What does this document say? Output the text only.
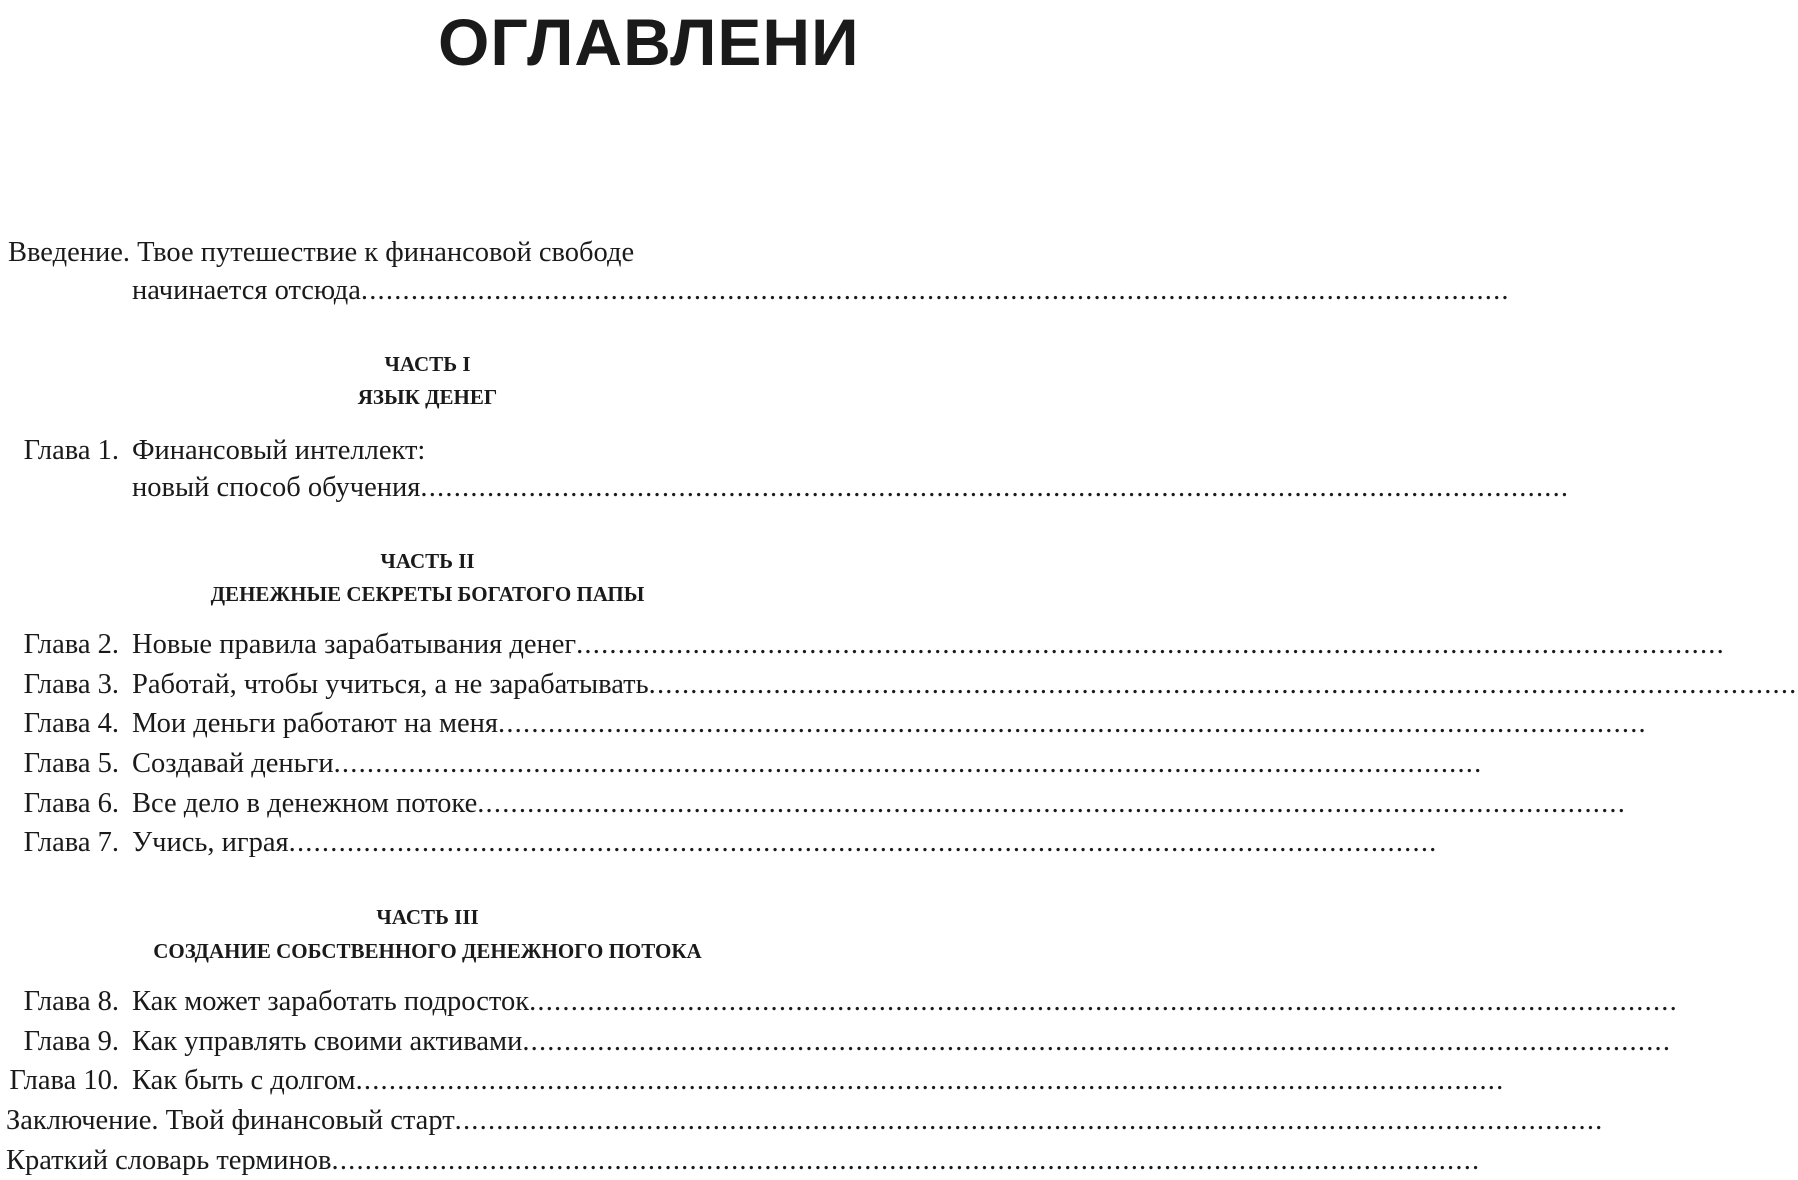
ОГЛАВЛЕНИ
Введение. Твое путешествие к финансовой свободе
начинается отсюда ..........................................................................................................................................
ЧАСТЬ I
ЯЗЫК ДЕНЕГ
Глава 1. Финансовый интеллект:
новый способ обучения ..........................................................................................................................................
ЧАСТЬ II
ДЕНЕЖНЫЕ СЕКРЕТЫ БОГАТОГО ПАПЫ
Глава 2. Новые правила зарабатывания денег ..........................................................................................................................................
Глава 3. Работай, чтобы учиться, а не зарабатывать ..........................................................................................................................................
Глава 4. Мои деньги работают на меня ..........................................................................................................................................
Глава 5. Создавай деньги ..........................................................................................................................................
Глава 6. Все дело в денежном потоке ..........................................................................................................................................
Глава 7. Учись, играя ..........................................................................................................................................
ЧАСТЬ III
СОЗДАНИЕ СОБСТВЕННОГО ДЕНЕЖНОГО ПОТОКА
Глава 8. Как может заработать подросток ..........................................................................................................................................
Глава 9. Как управлять своими активами ..........................................................................................................................................
Глава 10. Как быть с долгом ..........................................................................................................................................
Заключение. Твой финансовый старт ..........................................................................................................................................
Краткий словарь терминов ..........................................................................................................................................
